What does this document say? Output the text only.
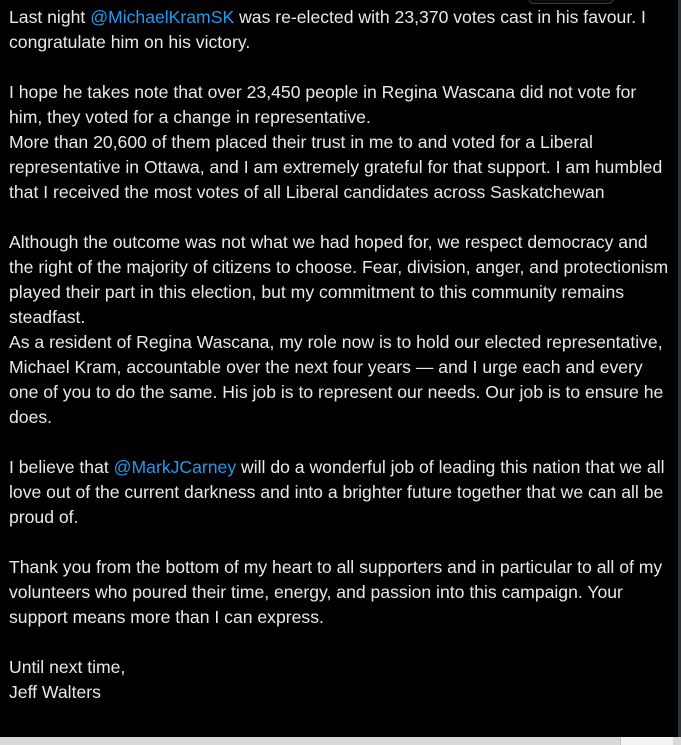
Last night @MichaelKramSK was re-elected with 23,370 votes cast in his favour. I congratulate him on his victory.

I hope he takes note that over 23,450 people in Regina Wascana did not vote for him, they voted for a change in representative.

More than 20,600 of them placed their trust in me to and voted for a Liberal representative in Ottawa, and I am extremely grateful for that support. I am humbled that I received the most votes of all Liberal candidates across Saskatchewan

Although the outcome was not what we had hoped for, we respect democracy and the right of the majority of citizens to choose. Fear, division, anger, and protectionism played their part in this election, but my commitment to this community remains steadfast.

As a resident of Regina Wascana, my role now is to hold our elected representative, Michael Kram, accountable over the next four years — and I urge each and every one of you to do the same. His job is to represent our needs. Our job is to ensure he does.

I believe that @MarkJCarney will do a wonderful job of leading this nation that we all love out of the current darkness and into a brighter future together that we can all be proud of.

Thank you from the bottom of my heart to all supporters and in particular to all of my volunteers who poured their time, energy, and passion into this campaign. Your support means more than I can express.

Until next time,

Jeff Walters
